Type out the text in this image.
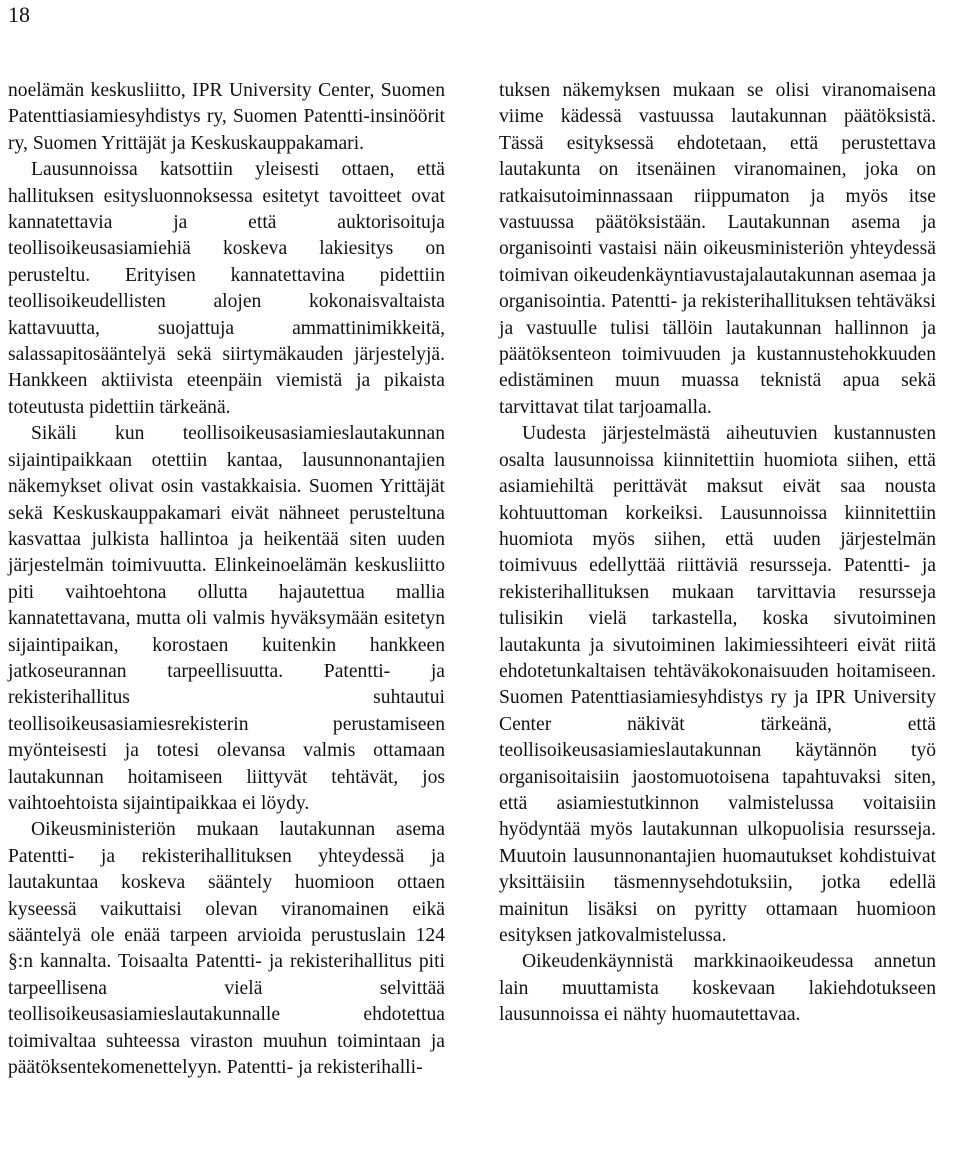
18

noelämän keskusliitto, IPR University Center, Suomen Patenttiasiamiesyhdistys ry, Suomen Patentti-insinöörit ry, Suomen Yrittäjät ja Keskuskauppakamari.

Lausunnoissa katsottiin yleisesti ottaen, että hallituksen esitysluonnoksessa esitetyt tavoitteet ovat kannatettavia ja että auktorisoituja teollisoikeusasiamiehiä koskeva lakiesitys on perusteltu. Erityisen kannatettavina pidettiin teollisoikeudellisten alojen kokonaisvaltaista kattavuutta, suojattuja ammattinimikkeitä, salassapitosääntelyä sekä siirtymäkauden järjestelyjä. Hankkeen aktiivista eteenpäin viemistä ja pikaista toteutusta pidettiin tärkeänä.

Sikäli kun teollisoikeusasiamieslautakunnan sijaintipaikkaan otettiin kantaa, lausunnonantajien näkemykset olivat osin vastakkaisia. Suomen Yrittäjät sekä Keskuskauppakamari eivät nähneet perusteltuna kasvattaa julkista hallintoa ja heikentää siten uuden järjestelmän toimivuutta. Elinkeinoelämän keskusliitto piti vaihtoehtona ollutta hajautettua mallia kannatettavana, mutta oli valmis hyväksymään esitetyn sijaintipaikan, korostaen kuitenkin hankkeen jatkoseurannan tarpeellisuutta. Patentti- ja rekisterihallitus suhtautui teollisoikeusasiamiesrekisterin perustamiseen myönteisesti ja totesi olevansa valmis ottamaan lautakunnan hoitamiseen liittyvät tehtävät, jos vaihtoehtoista sijaintipaikkaa ei löydy.

Oikeusministeriön mukaan lautakunnan asema Patentti- ja rekisterihallituksen yhteydessä ja lautakuntaa koskeva sääntely huomioon ottaen kyseessä vaikuttaisi olevan viranomainen eikä sääntelyä ole enää tarpeen arvioida perustuslain 124 §:n kannalta. Toisaalta Patentti- ja rekisterihallitus piti tarpeellisena vielä selvittää teollisoikeusasiamieslautakunnalle ehdotettua toimivaltaa suhteessa viraston muuhun toimintaan ja päätöksentekomenettelyyn. Patentti- ja rekisterihalli-

tuksen näkemyksen mukaan se olisi viranomaisena viime kädessä vastuussa lautakunnan päätöksistä. Tässä esityksessä ehdotetaan, että perustettava lautakunta on itsenäinen viranomainen, joka on ratkaisutoiminnassaan riippumaton ja myös itse vastuussa päätöksistään. Lautakunnan asema ja organisointi vastaisi näin oikeusministeriön yhteydessä toimivan oikeudenkäyntiavustajalautakunnan asemaa ja organisointia. Patentti- ja rekisterihallituksen tehtäväksi ja vastuulle tulisi tällöin lautakunnan hallinnon ja päätöksenteon toimivuuden ja kustannustehokkuuden edistäminen muun muassa teknistä apua sekä tarvittavat tilat tarjoamalla.

Uudesta järjestelmästä aiheutuvien kustannusten osalta lausunnoissa kiinnitettiin huomiota siihen, että asiamiehiltä perittävät maksut eivät saa nousta kohtuuttoman korkeiksi. Lausunnoissa kiinnitettiin huomiota myös siihen, että uuden järjestelmän toimivuus edellyttää riittäviä resursseja. Patentti- ja rekisterihallituksen mukaan tarvittavia resursseja tulisikin vielä tarkastella, koska sivutoiminen lautakunta ja sivutoiminen lakimiessihteeri eivät riitä ehdotetunkaltaisen tehtäväkokonaisuuden hoitamiseen. Suomen Patenttiasiamiesyhdistys ry ja IPR University Center näkivät tärkeänä, että teollisoikeusasiamieslautakunnan käytännön työ organisoitaisiin jaostomuotoisena tapahtuvaksi siten, että asiamiestutkinnon valmistelussa voitaisiin hyödyntää myös lautakunnan ulkopuolisia resursseja. Muutoin lausunnonantajien huomautukset kohdistuivat yksittäisiin täsmennysehdotuksiin, jotka edellä mainitun lisäksi on pyritty ottamaan huomioon esityksen jatkovalmistelussa.

Oikeudenkäynnistä markkinaoikeudessa annetun lain muuttamista koskevaan lakiehdotukseen lausunnoissa ei nähty huomautettavaa.
